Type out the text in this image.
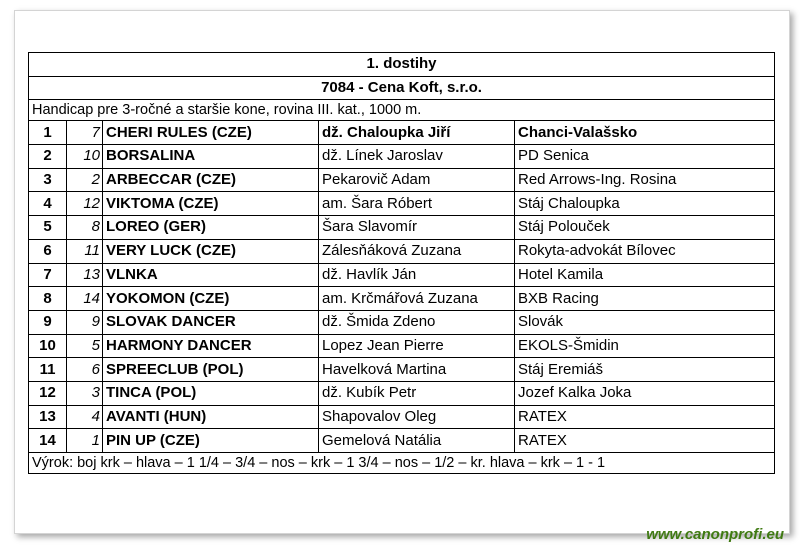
1. dostihy				
7084 - Cena Koft, s.r.o.				
Handicap pre 3-ročné a staršie kone, rovina III. kat., 1000 m.				
1	7	CHERI RULES (CZE)	dž. Chaloupka Jiří	Chanci-Valašsko
2	10	BORSALINA	dž. Línek Jaroslav	PD Senica
3	2	ARBECCAR (CZE)	Pekarovič Adam	Red Arrows-Ing. Rosina
4	12	VIKTOMA (CZE)	am. Šara Róbert	Stáj Chaloupka
5	8	LOREO (GER)	Šara Slavomír	Stáj Polouček
6	11	VERY LUCK (CZE)	Zálesňáková Zuzana	Rokyta-advokát Bílovec
7	13	VLNKA	dž. Havlík Ján	Hotel Kamila
8	14	YOKOMON (CZE)	am. Krčmářová Zuzana	BXB Racing
9	9	SLOVAK DANCER	dž. Šmida Zdeno	Slovák
10	5	HARMONY DANCER	Lopez Jean Pierre	EKOLS-Šmidin
11	6	SPREECLUB (POL)	Havelková Martina	Stáj Eremiáš
12	3	TINCA (POL)	dž. Kubík Petr	Jozef Kalka Joka
13	4	AVANTI (HUN)	Shapovalov Oleg	RATEX
14	1	PIN UP (CZE)	Gemelová Natália	RATEX
Výrok: boj krk – hlava – 1 1/4 – 3/4 – nos – krk – 1 3/4 – nos – 1/2 – kr. hlava – krk – 1 - 1				
www.canonprofi.eu
